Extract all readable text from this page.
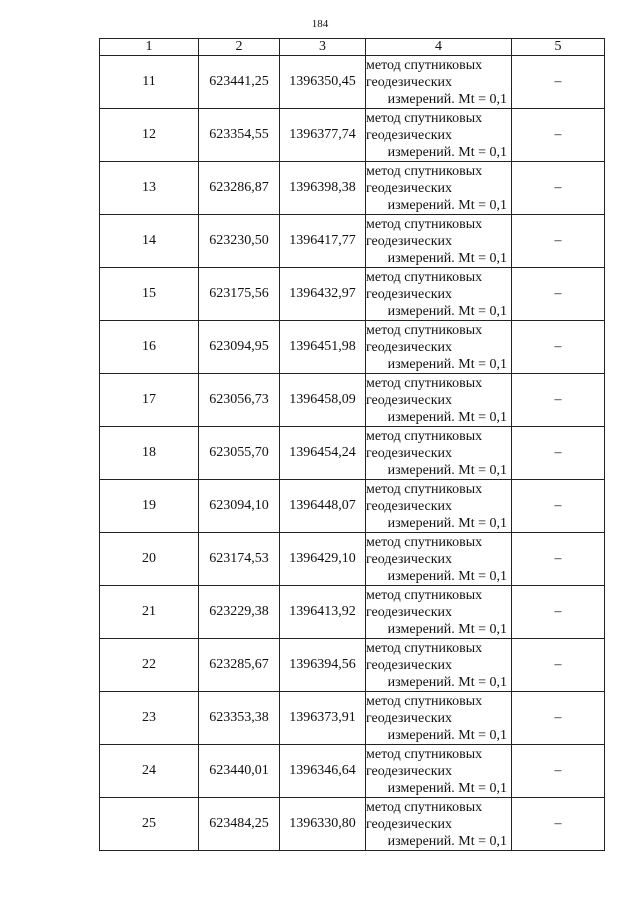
184
1	2	3	4	5
11	623441,25	1396350,45	метод спутниковых
геодезических
измерений. Mt = 0,1	–
12	623354,55	1396377,74	метод спутниковых
геодезических
измерений. Mt = 0,1	–
13	623286,87	1396398,38	метод спутниковых
геодезических
измерений. Mt = 0,1	–
14	623230,50	1396417,77	метод спутниковых
геодезических
измерений. Mt = 0,1	–
15	623175,56	1396432,97	метод спутниковых
геодезических
измерений. Mt = 0,1	–
16	623094,95	1396451,98	метод спутниковых
геодезических
измерений. Mt = 0,1	–
17	623056,73	1396458,09	метод спутниковых
геодезических
измерений. Mt = 0,1	–
18	623055,70	1396454,24	метод спутниковых
геодезических
измерений. Mt = 0,1	–
19	623094,10	1396448,07	метод спутниковых
геодезических
измерений. Mt = 0,1	–
20	623174,53	1396429,10	метод спутниковых
геодезических
измерений. Mt = 0,1	–
21	623229,38	1396413,92	метод спутниковых
геодезических
измерений. Mt = 0,1	–
22	623285,67	1396394,56	метод спутниковых
геодезических
измерений. Mt = 0,1	–
23	623353,38	1396373,91	метод спутниковых
геодезических
измерений. Mt = 0,1	–
24	623440,01	1396346,64	метод спутниковых
геодезических
измерений. Mt = 0,1	–
25	623484,25	1396330,80	метод спутниковых
геодезических
измерений. Mt = 0,1	–
